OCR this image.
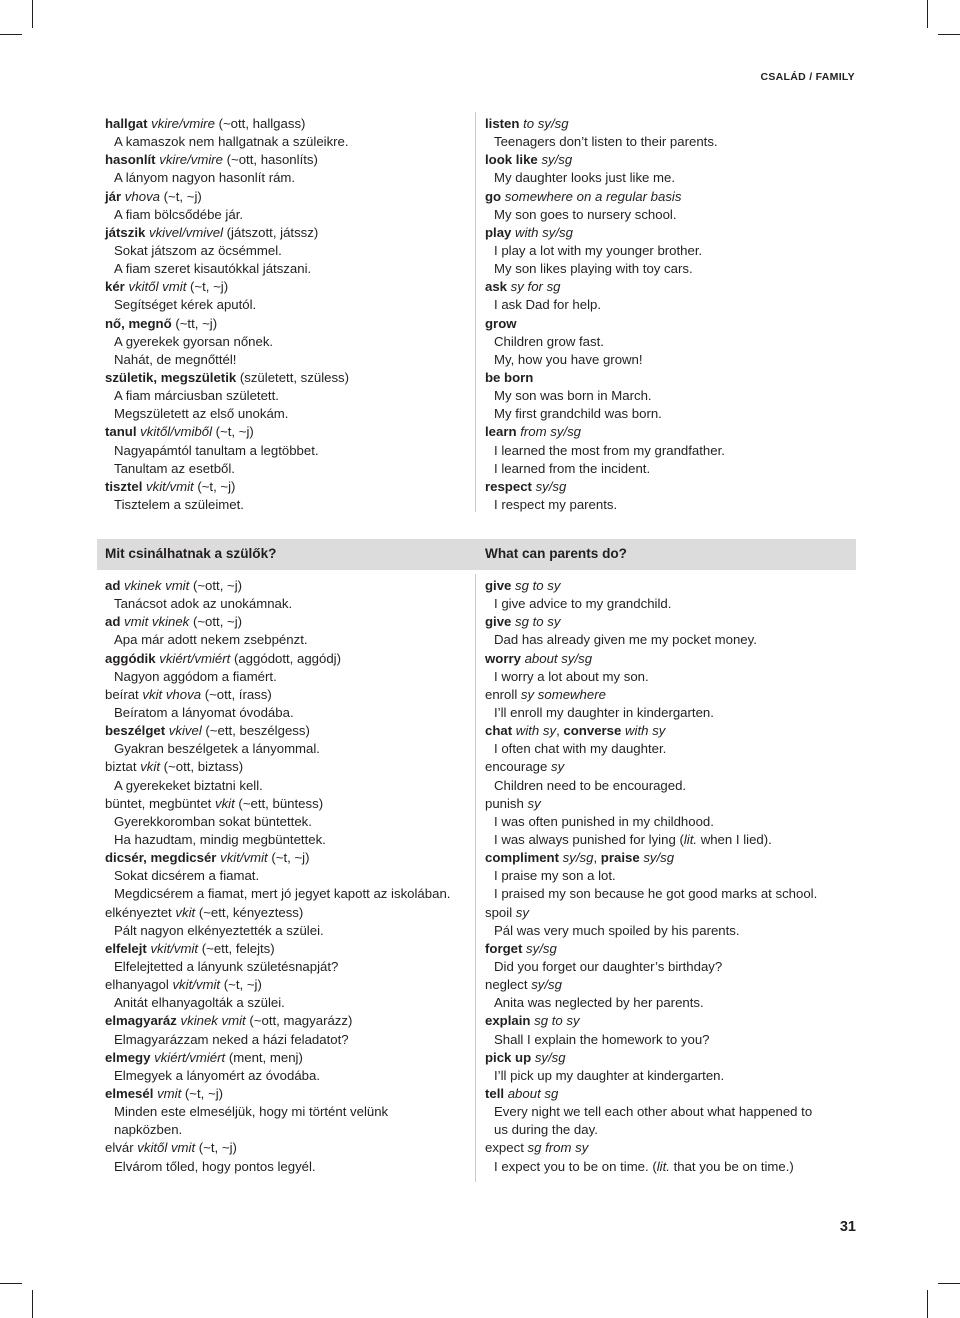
CSALÁD / FAMILY
hallgat vkire/vmire (~ott, hallgass)
A kamaszok nem hallgatnak a szüleikre.
hasonlít vkire/vmire (~ott, hasonlíts)
A lányom nagyon hasonlít rám.
jár vhova (~t, ~j)
A fiam bölcsődébe jár.
játszik vkivel/vmivel (játszott, játssz)
Sokat játszom az öcsémmel.
A fiam szeret kisautókkal játszani.
kér vkitől vmit (~t, ~j)
Segítséget kérek aputól.
nő, megnő (~tt, ~j)
A gyerekek gyorsan nőnek.
Nahát, de megnőttél!
születik, megszületik (született, szüless)
A fiam márciusban született.
Megszületett az első unokám.
tanul vkitől/vmiből (~t, ~j)
Nagyapámtól tanultam a legtöbbet.
Tanultam az esetből.
tisztel vkit/vmit (~t, ~j)
Tisztelem a szüleimet.
listen to sy/sg
Teenagers don’t listen to their parents.
look like sy/sg
My daughter looks just like me.
go somewhere on a regular basis
My son goes to nursery school.
play with sy/sg
I play a lot with my younger brother.
My son likes playing with toy cars.
ask sy for sg
I ask Dad for help.
grow
Children grow fast.
My, how you have grown!
be born
My son was born in March.
My first grandchild was born.
learn from sy/sg
I learned the most from my grandfather.
I learned from the incident.
respect sy/sg
I respect my parents.
Mit csinálhatnak a szülők?	What can parents do?
ad vkinek vmit (~ott, ~j)
Tanácsot adok az unokámnak.
ad vmit vkinek (~ott, ~j)
Apa már adott nekem zsebpénzt.
aggódik vkiért/vmiért (aggódott, aggódj)
Nagyon aggódom a fiamért.
beírat vkit vhova (~ott, írass)
Beíratom a lányomat óvodába.
beszélget vkivel (~ett, beszélgess)
Gyakran beszélgetek a lányommal.
biztat vkit (~ott, biztass)
A gyerekeket biztatni kell.
büntet, megbüntet vkit (~ett, büntess)
Gyerekkoromban sokat büntettek.
Ha hazudtam, mindig megbüntettek.
dicsér, megdicsér vkit/vmit (~t, ~j)
Sokat dicsérem a fiamat.
Megdicsérem a fiamat, mert jó jegyet kapott az iskolában.
elkényeztet vkit (~ett, kényeztess)
Pált nagyon elkényeztették a szülei.
elfelejt vkit/vmit (~ett, felejts)
Elfelejtetted a lányunk születésnapját?
elhanyagol vkit/vmit (~t, ~j)
Anitát elhanyagolták a szülei.
elmagyaráz vkinek vmit (~ott, magyarázz)
Elmagyarázzam neked a házi feladatot?
elmegy vkiért/vmiért (ment, menj)
Elmegyek a lányomért az óvodába.
elmesél vmit (~t, ~j)
Minden este elmeséljük, hogy mi történt velünk
napközben.
elvár vkitől vmit (~t, ~j)
Elvárom tőled, hogy pontos legyél.
give sg to sy
I give advice to my grandchild.
give sg to sy
Dad has already given me my pocket money.
worry about sy/sg
I worry a lot about my son.
enroll sy somewhere
I’ll enroll my daughter in kindergarten.
chat with sy, converse with sy
I often chat with my daughter.
encourage sy
Children need to be encouraged.
punish sy
I was often punished in my childhood.
I was always punished for lying (lit. when I lied).
compliment sy/sg, praise sy/sg
I praise my son a lot.
I praised my son because he got good marks at school.
spoil sy
Pál was very much spoiled by his parents.
forget sy/sg
Did you forget our daughter’s birthday?
neglect sy/sg
Anita was neglected by her parents.
explain sg to sy
Shall I explain the homework to you?
pick up sy/sg
I’ll pick up my daughter at kindergarten.
tell about sg
Every night we tell each other about what happened to
us during the day.
expect sg from sy
I expect you to be on time. (lit. that you be on time.)
31
